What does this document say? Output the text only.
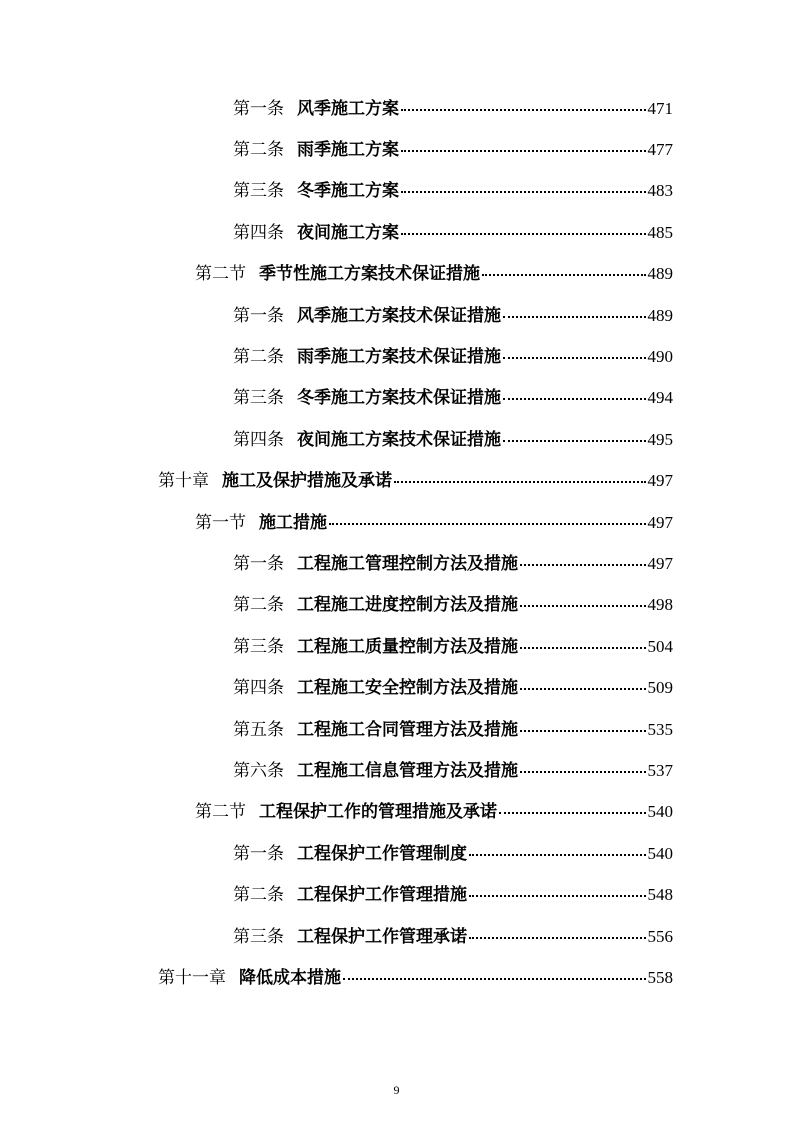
第一条 风季施工方案	471
第二条 雨季施工方案	477
第三条 冬季施工方案	483
第四条 夜间施工方案	485
第二节 季节性施工方案技术保证措施	489
第一条 风季施工方案技术保证措施	489
第二条 雨季施工方案技术保证措施	490
第三条 冬季施工方案技术保证措施	494
第四条 夜间施工方案技术保证措施	495
第十章 施工及保护措施及承诺	497
第一节 施工措施	497
第一条 工程施工管理控制方法及措施	497
第二条 工程施工进度控制方法及措施	498
第三条 工程施工质量控制方法及措施	504
第四条 工程施工安全控制方法及措施	509
第五条 工程施工合同管理方法及措施	535
第六条 工程施工信息管理方法及措施	537
第二节 工程保护工作的管理措施及承诺	540
第一条 工程保护工作管理制度	540
第二条 工程保护工作管理措施	548
第三条 工程保护工作管理承诺	556
第十一章 降低成本措施	558
9
